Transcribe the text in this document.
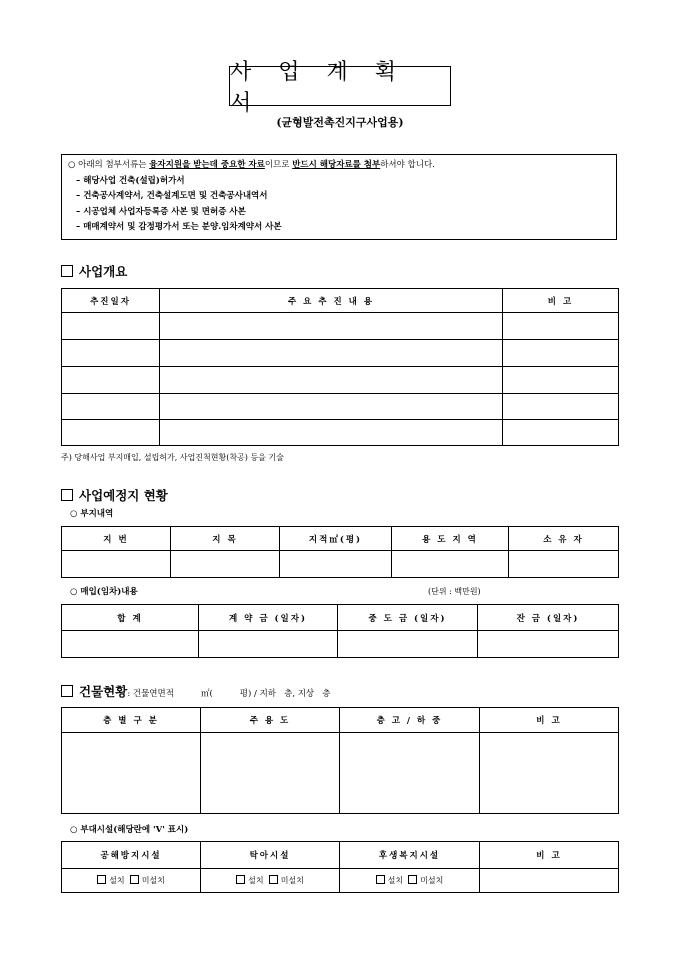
사 업 계 획 서
(균형발전촉진지구사업용)
○ 아래의 첨부서류는 융자지원을 받는데 중요한 자료이므로 반드시 해당자료를 첨부하셔야 합니다.
– 해당사업 건축(설립)허가서
– 건축공사계약서, 건축설계도면 및 건축공사내역서
– 시공업체 사업자등록증 사본 및 면허증 사본
– 매매계약서 및 감정평가서 또는 분양․임차계약서 사본
사업개요
추진일자	주 요 추 진 내 용	비 고

주) 당해사업 부지매입, 설립허가, 사업진척현황(착공) 등을 기술
사업예정지 현황
○ 부지내역
지 번	지 목	지적㎡(평)	용 도 지 역	소 유 자

○ 매입(임차)내용	(단위 : 백만원)
합 계	계 약 금 (일자)	중 도 금 (일자)	잔 금 (일자)

건물현황: 건물연면적          ㎡(          평) / 지하   층, 지상   층
층 별 구 분	주 용 도	층 고 / 하 중	비 고

○ 부대시설(해당란에 'V' 표시)
공해방지시설	탁아시설	후생복지시설	비 고
설치 미설치	설치 미설치	설치 미설치	
